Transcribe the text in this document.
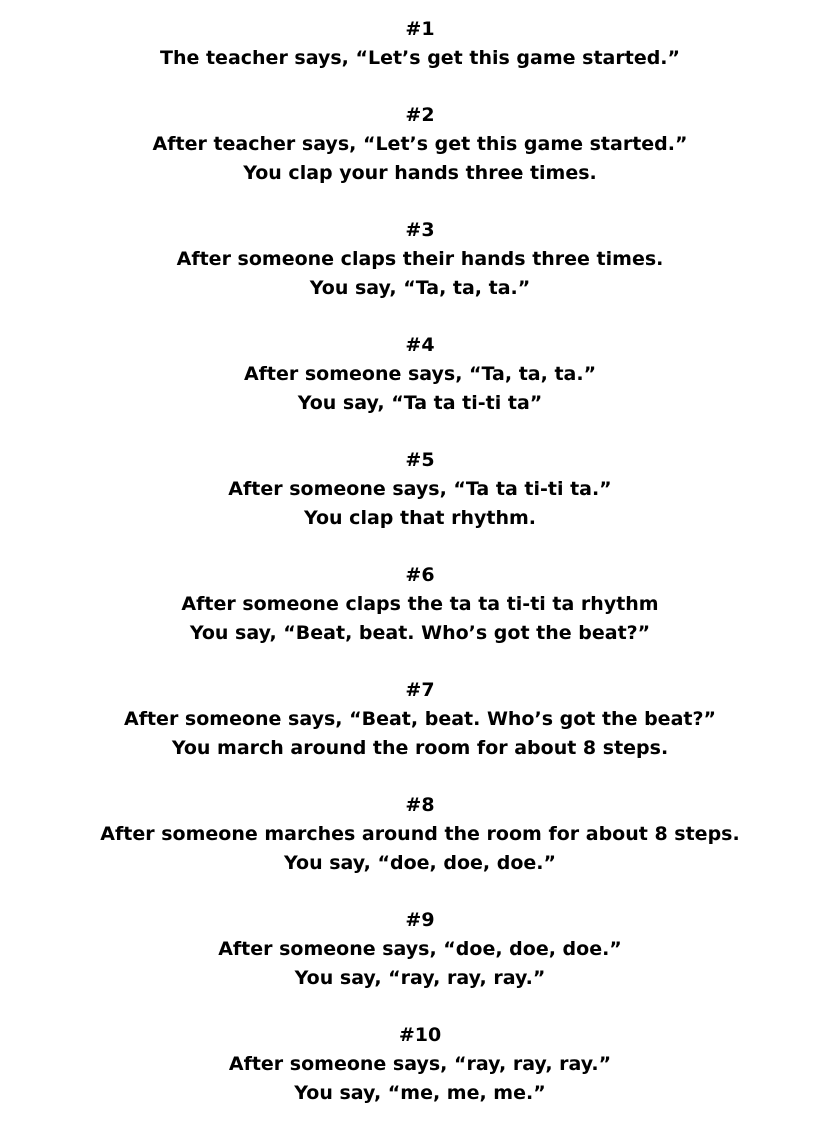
#1
The teacher says, “Let’s get this game started.”
#2
After teacher says, “Let’s get this game started.”
You clap your hands three times.
#3
After someone claps their hands three times.
You say, “Ta, ta, ta.”
#4
After someone says, “Ta, ta, ta.”
You say, “Ta ta ti-ti ta”
#5
After someone says, “Ta ta ti-ti ta.”
You clap that rhythm.
#6
After someone claps the ta ta ti-ti ta rhythm
You say, “Beat, beat. Who’s got the beat?”
#7
After someone says, “Beat, beat. Who’s got the beat?”
You march around the room for about 8 steps.
#8
After someone marches around the room for about 8 steps.
You say, “doe, doe, doe.”
#9
After someone says, “doe, doe, doe.”
You say, “ray, ray, ray.”
#10
After someone says, “ray, ray, ray.”
You say, “me, me, me.”
